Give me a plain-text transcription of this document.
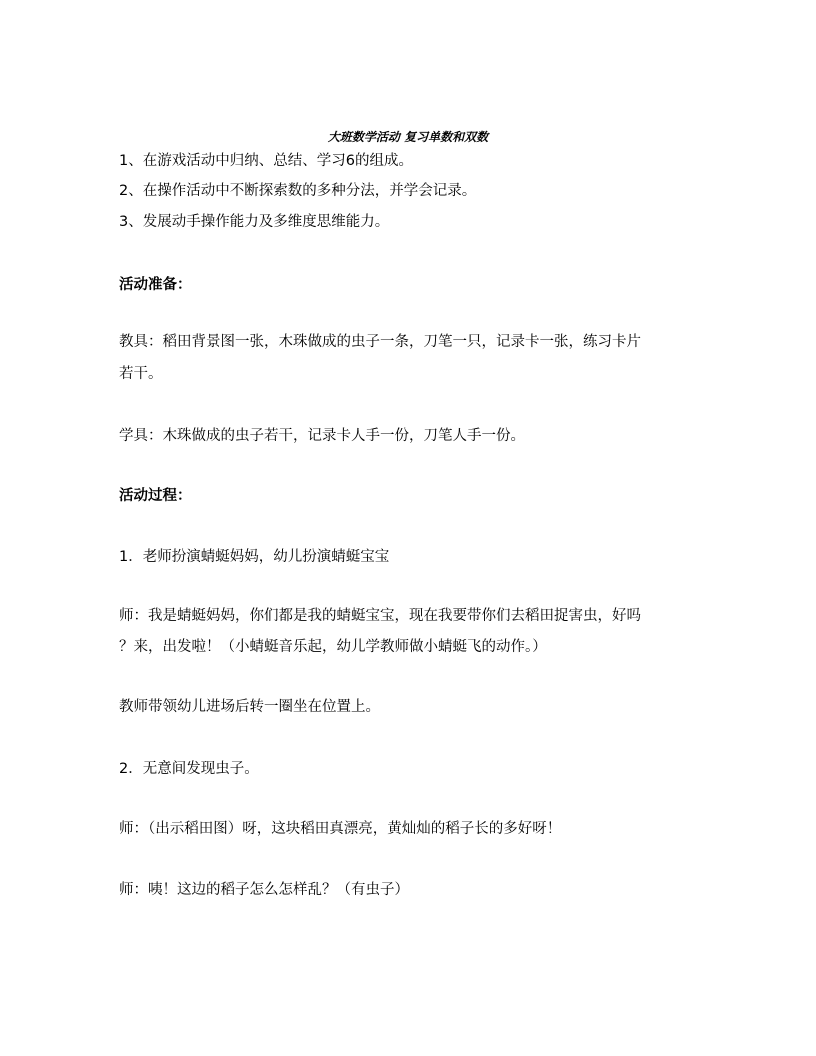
大班数学活动 复习单数和双数
1、在游戏活动中归纳、总结、学习6的组成。
2、在操作活动中不断探索数的多种分法，并学会记录。
3、发展动手操作能力及多维度思维能力。
活动准备：
教具：稻田背景图一张，木珠做成的虫子一条，刀笔一只，记录卡一张，练习卡片
若干。
学具：木珠做成的虫子若干，记录卡人手一份，刀笔人手一份。
活动过程：
1．老师扮演蜻蜓妈妈，幼儿扮演蜻蜓宝宝
师：我是蜻蜓妈妈，你们都是我的蜻蜓宝宝，现在我要带你们去稻田捉害虫，好吗
？来，出发啦！（小蜻蜓音乐起，幼儿学教师做小蜻蜓飞的动作。）
教师带领幼儿进场后转一圈坐在位置上。
2．无意间发现虫子。
师：（出示稻田图）呀，这块稻田真漂亮，黄灿灿的稻子长的多好呀！
师：咦！这边的稻子怎么怎样乱？（有虫子）
